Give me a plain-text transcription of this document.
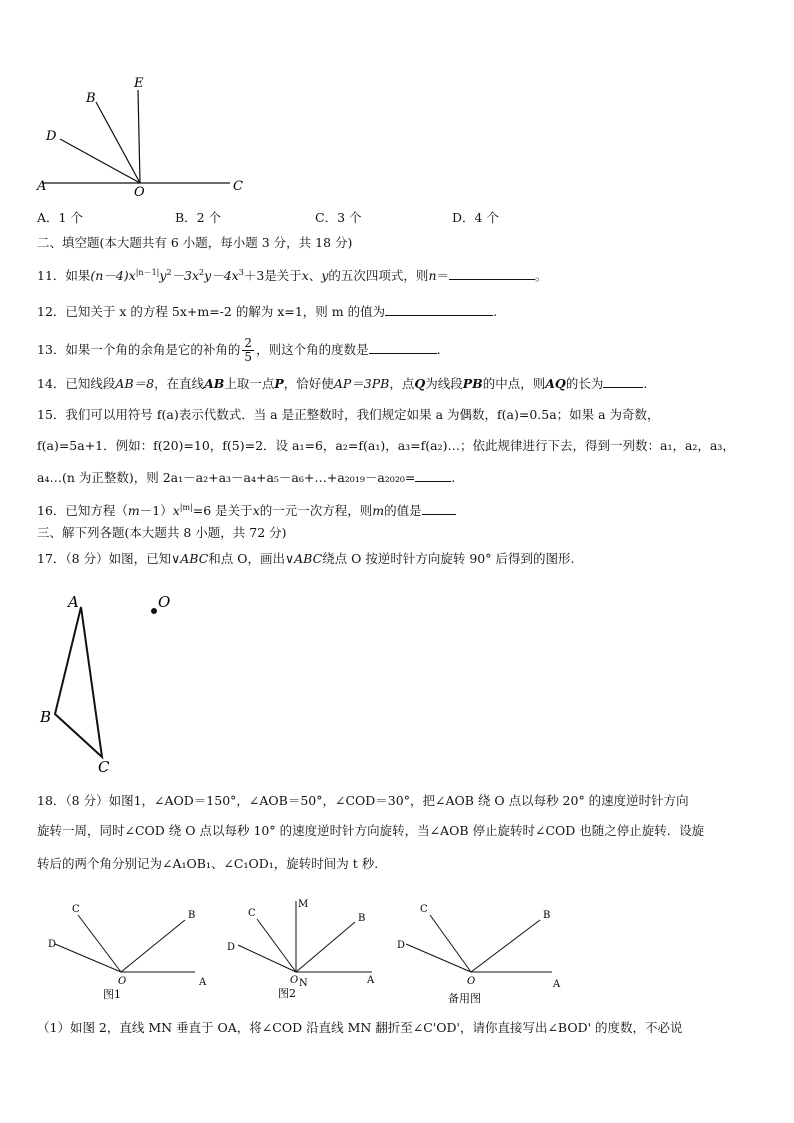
E
B
D
A	O	C
A．1 个	B．2 个	C．3 个	D．4 个
二、填空题(本大题共有 6 小题，每小题 3 分，共 18 分)
11．如果$(n-4)x^{|n-1|}y^2-3x^2y-4x^3+3$是关于x、y的五次四项式，则n＝	。
12．已知关于 x 的方程 5x+m=-2 的解为 x=1，则 m 的值为	.
13．如果一个角的余角是它的补角的 $\frac{2}{5}$ ，则这个角的度数是	.
14．已知线段AB＝8，在直线AB上取一点P，恰好使AP＝3PB，点Q为线段PB的中点，则AQ的长为	.
15．我们可以用符号 f(a)表示代数式．当 a 是正整数时，我们规定如果 a 为偶数，f(a)=0.5a；如果 a 为奇数，
f(a)=5a+1．例如：f(20)=10，f(5)=2．设 a₁=6，a₂=f(a₁)，a₃=f(a₂)…；依此规律进行下去，得到一列数：a₁，a₂，a₃，
a₄…(n 为正整数)，则 2a₁－a₂+a₃－a₄+a₅－a₆+…+a₂₀₁₉－a₂₀₂₀=	.
16．已知方程$(m-1)x^{|m|}=6$ 是关于x的一元一次方程，则m的值是
三、解下列各题(本大题共 8 小题，共 72 分)
17．（8 分）如图，已知∨ABC和点 O，画出∨ABC绕点 O 按逆时针方向旋转 90° 后得到的图形.
A
B
C
O
18．（8 分）如图1，∠AOD＝150°，∠AOB＝50°，∠COD＝30°，把∠AOB 绕 O 点以每秒 20° 的速度逆时针方向
旋转一周，同时∠COD 绕 O 点以每秒 10° 的速度逆时针方向旋转，当∠AOB 停止旋转时∠COD 也随之停止旋转．设旋
转后的两个角分别记为∠A₁OB₁、∠C₁OD₁，旋转时间为 t 秒.
C
B
D
O	A
图1
M
C	B
D
O N	A
图2
C
B
D
O	A
备用图
（1）如图 2，直线 MN 垂直于 OA，将∠COD 沿直线 MN 翻折至∠C'OD'，请你直接写出∠BOD' 的度数，不必说
